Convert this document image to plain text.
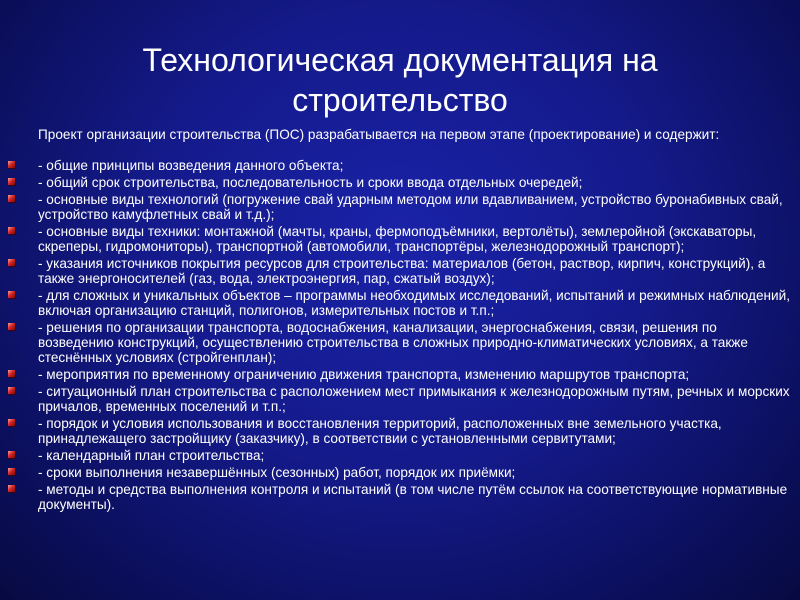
Технологическая документация на строительство

Проект организации строительства (ПОС) разрабатывается на первом этапе (проектирование) и содержит:

- общие принципы возведения данного объекта;
- общий срок строительства, последовательность и сроки ввода отдельных очередей;
- основные виды технологий (погружение свай ударным методом или вдавливанием, устройство буронабивных свай, устройство камуфлетных свай и т.д.);
- основные виды техники: монтажной (мачты, краны, фермоподъёмники, вертолёты), землеройной (экскаваторы, скреперы, гидромониторы), транспортной (автомобили, транспортёры, железнодорожный транспорт);
- указания источников покрытия ресурсов для строительства: материалов (бетон, раствор, кирпич, конструкций), а также энергоносителей (газ, вода, электроэнергия, пар, сжатый воздух);
- для сложных и уникальных объектов – программы необходимых исследований, испытаний и режимных наблюдений, включая организацию станций, полигонов, измерительных постов и т.п.;
- решения по организации транспорта, водоснабжения, канализации, энергоснабжения, связи, решения по возведению конструкций, осуществлению строительства в сложных природно-климатических условиях, а также стеснённых условиях (стройгенплан);
- мероприятия по временному ограничению движения транспорта, изменению маршрутов транспорта;
- ситуационный план строительства с расположением мест примыкания к железнодорожным путям, речных и морских причалов, временных поселений и т.п.;
- порядок и условия использования и восстановления территорий, расположенных вне земельного участка, принадлежащего застройщику (заказчику), в соответствии с установленными сервитутами;
- календарный план строительства;
- сроки выполнения незавершённых (сезонных) работ, порядок их приёмки;
- методы и средства выполнения контроля и испытаний (в том числе путём ссылок на соответствующие нормативные документы).
